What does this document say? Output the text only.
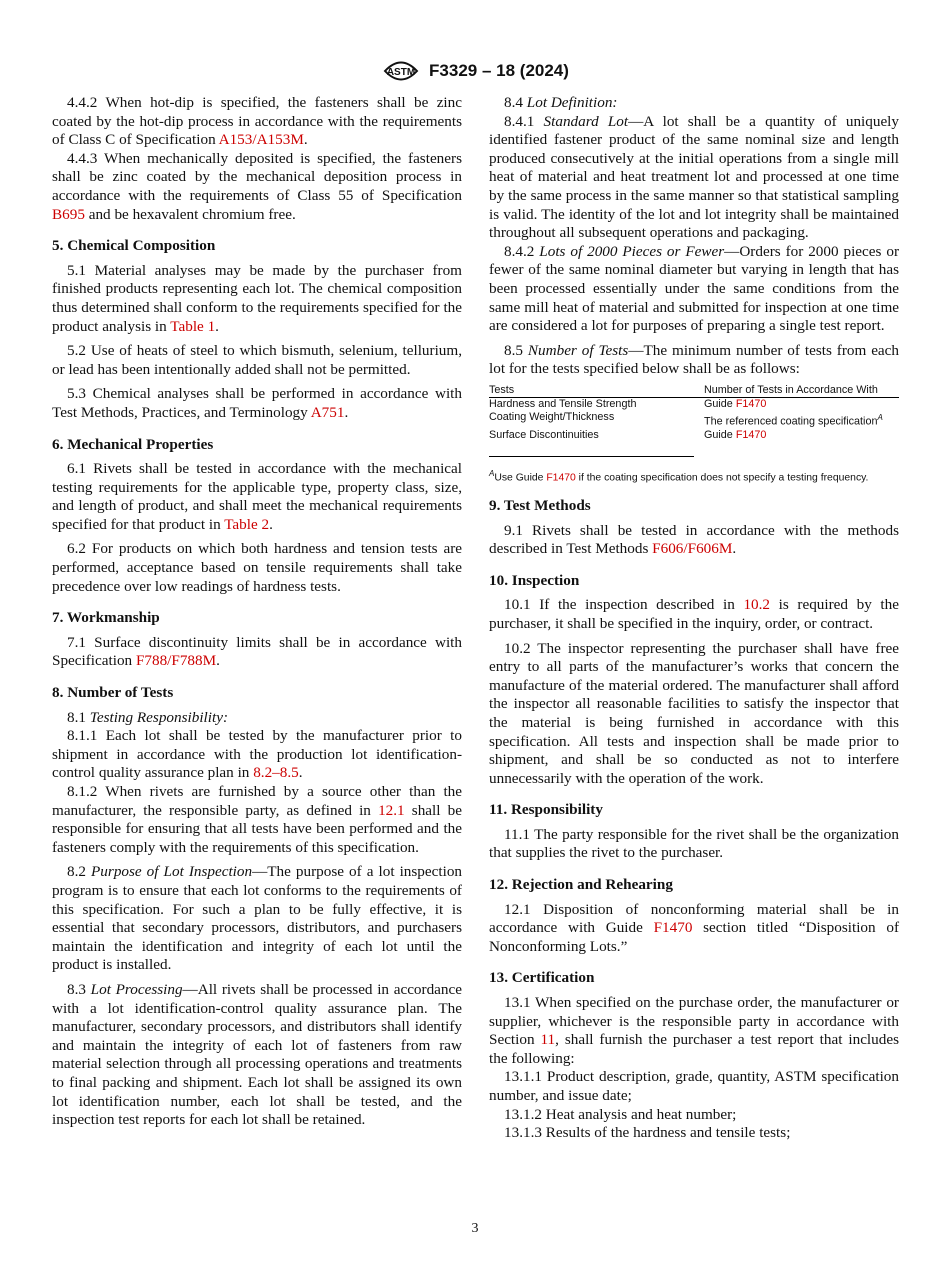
ASTM F3329 – 18 (2024)

4.4.2 When hot-dip is specified, the fasteners shall be zinc coated by the hot-dip process in accordance with the requirements of Class C of Specification A153/A153M.

4.4.3 When mechanically deposited is specified, the fasteners shall be zinc coated by the mechanical deposition process in accordance with the requirements of Class 55 of Specification B695 and be hexavalent chromium free.

5. Chemical Composition

5.1 Material analyses may be made by the purchaser from finished products representing each lot. The chemical composition thus determined shall conform to the requirements specified for the product analysis in Table 1.

5.2 Use of heats of steel to which bismuth, selenium, tellurium, or lead has been intentionally added shall not be permitted.

5.3 Chemical analyses shall be performed in accordance with Test Methods, Practices, and Terminology A751.

6. Mechanical Properties

6.1 Rivets shall be tested in accordance with the mechanical testing requirements for the applicable type, property class, size, and length of product, and shall meet the mechanical requirements specified for that product in Table 2.

6.2 For products on which both hardness and tension tests are performed, acceptance based on tensile requirements shall take precedence over low readings of hardness tests.

7. Workmanship

7.1 Surface discontinuity limits shall be in accordance with Specification F788/F788M.

8. Number of Tests

8.1 Testing Responsibility:

8.1.1 Each lot shall be tested by the manufacturer prior to shipment in accordance with the production lot identification-control quality assurance plan in 8.2–8.5.

8.1.2 When rivets are furnished by a source other than the manufacturer, the responsible party, as defined in 12.1 shall be responsible for ensuring that all tests have been performed and the fasteners comply with the requirements of this specification.

8.2 Purpose of Lot Inspection—The purpose of a lot inspection program is to ensure that each lot conforms to the requirements of this specification. For such a plan to be fully effective, it is essential that secondary processors, distributors, and purchasers maintain the identification and integrity of each lot until the product is installed.

8.3 Lot Processing—All rivets shall be processed in accordance with a lot identification-control quality assurance plan. The manufacturer, secondary processors, and distributors shall identify and maintain the integrity of each lot of fasteners from raw material selection through all processing operations and treatments to final packing and shipment. Each lot shall be assigned its own lot identification number, each lot shall be tested, and the inspection test reports for each lot shall be retained.

8.4 Lot Definition:

8.4.1 Standard Lot—A lot shall be a quantity of uniquely identified fastener product of the same nominal size and length produced consecutively at the initial operations from a single mill heat of material and heat treatment lot and processed at one time by the same process in the same manner so that statistical sampling is valid. The identity of the lot and lot integrity shall be maintained throughout all subsequent operations and packaging.

8.4.2 Lots of 2000 Pieces or Fewer—Orders for 2000 pieces or fewer of the same nominal diameter but varying in length that has been processed essentially under the same conditions from the same mill heat of material and submitted for inspection at one time are considered a lot for purposes of preparing a single test report.

8.5 Number of Tests—The minimum number of tests from each lot for the tests specified below shall be as follows:

Tests	Number of Tests in Accordance With
Hardness and Tensile Strength	Guide F1470
Coating Weight/Thickness	The referenced coating specification$^A$
Surface Discontinuities	Guide F1470
$^A$Use Guide F1470 if the coating specification does not specify a testing frequency.
9. Test Methods

9.1 Rivets shall be tested in accordance with the methods described in Test Methods F606/F606M.

10. Inspection

10.1 If the inspection described in 10.2 is required by the purchaser, it shall be specified in the inquiry, order, or contract.

10.2 The inspector representing the purchaser shall have free entry to all parts of the manufacturer’s works that concern the manufacture of the material ordered. The manufacturer shall afford the inspector all reasonable facilities to satisfy the inspector that the material is being furnished in accordance with this specification. All tests and inspection shall be made prior to shipment, and shall be so conducted as not to interfere unnecessarily with the operation of the work.

11. Responsibility

11.1 The party responsible for the rivet shall be the organization that supplies the rivet to the purchaser.

12. Rejection and Rehearing

12.1 Disposition of nonconforming material shall be in accordance with Guide F1470 section titled “Disposition of Nonconforming Lots.”

13. Certification

13.1 When specified on the purchase order, the manufacturer or supplier, whichever is the responsible party in accordance with Section 11, shall furnish the purchaser a test report that includes the following:

13.1.1 Product description, grade, quantity, ASTM specification number, and issue date;

13.1.2 Heat analysis and heat number;

13.1.3 Results of the hardness and tensile tests;

3
